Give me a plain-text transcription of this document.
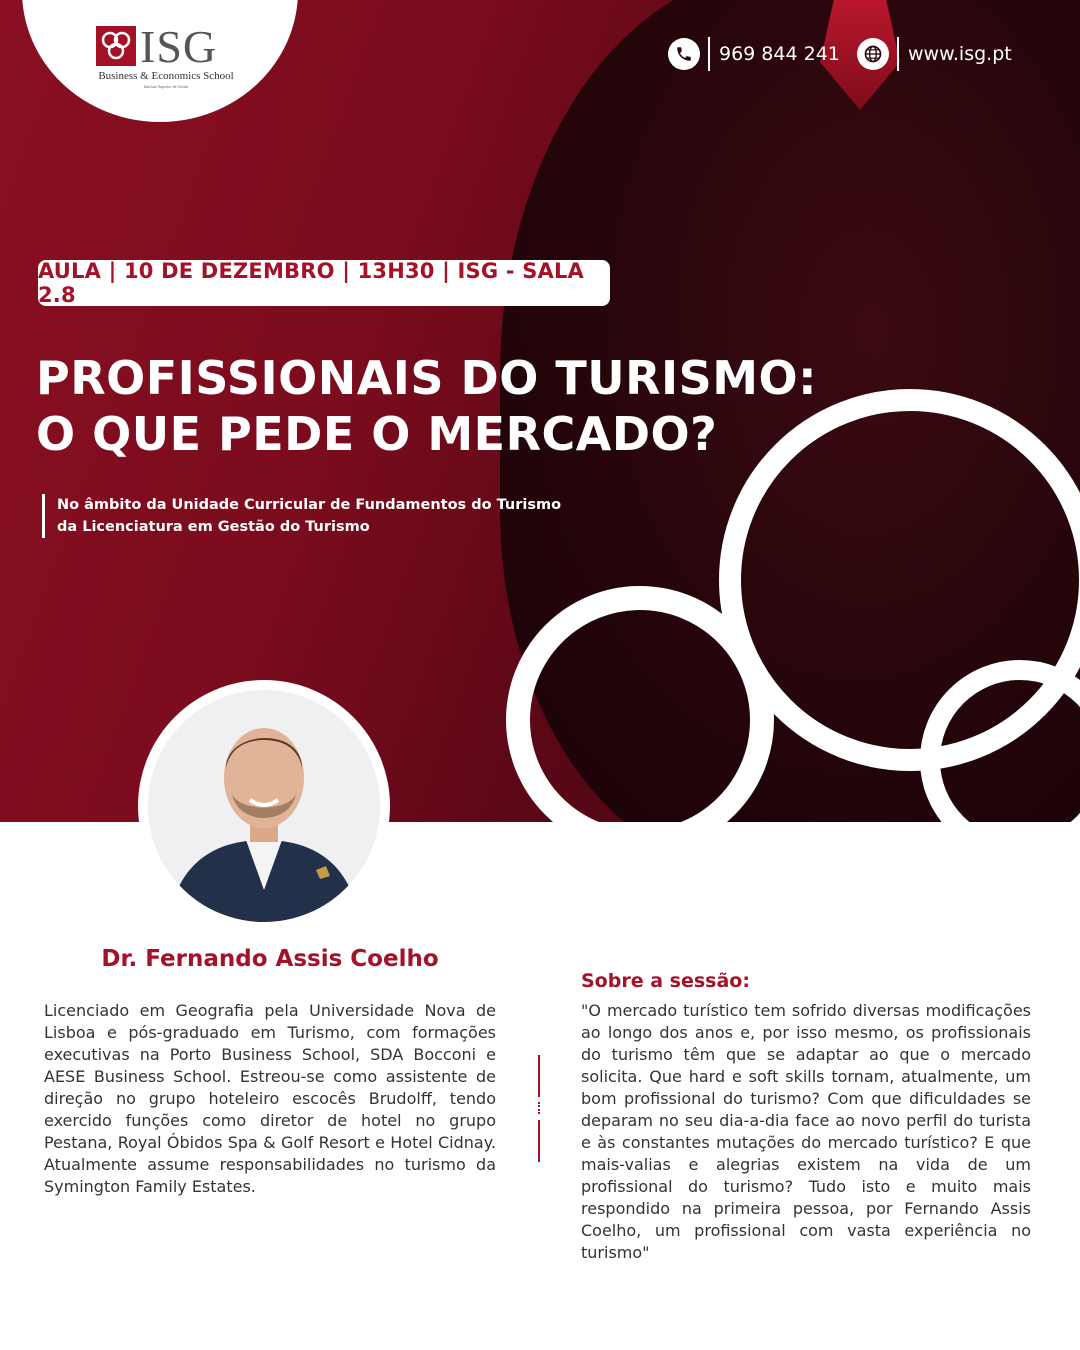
AULA | 10 DE DEZEMBRO | 13H30 | ISG - SALA 2.8
PROFISSIONAIS DO TURISMO:
O QUE PEDE O MERCADO?
No âmbito da Unidade Curricular de Fundamentos do Turismo
da Licenciatura em Gestão do Turismo
ISG
Business & Economics School
Instituto Superior de Gestão
969 844 241	www.isg.pt
Dr. Fernando Assis Coelho
Licenciado em Geografia pela Universidade Nova de Lisboa e pós-graduado em Turismo, com formações executivas na Porto Business School, SDA Bocconi e AESE Business School. Estreou-se como assistente de direção no grupo hoteleiro escocês Brudolff, tendo exercido funções como diretor de hotel no grupo Pestana, Royal Óbidos Spa & Golf Resort e Hotel Cidnay. Atualmente assume responsabilidades no turismo da Symington Family Estates.
Sobre a sessão:
"O mercado turístico tem sofrido diversas modificações ao longo dos anos e, por isso mesmo, os profissionais do turismo têm que se adaptar ao que o mercado solicita. Que hard e soft skills tornam, atualmente, um bom profissional do turismo? Com que dificuldades se deparam no seu dia-a-dia face ao novo perfil do turista e às constantes mutações do mercado turístico? E que mais-valias e alegrias existem na vida de um profissional do turismo? Tudo isto e muito mais respondido na primeira pessoa, por Fernando Assis Coelho, um profissional com vasta experiência no turismo"
